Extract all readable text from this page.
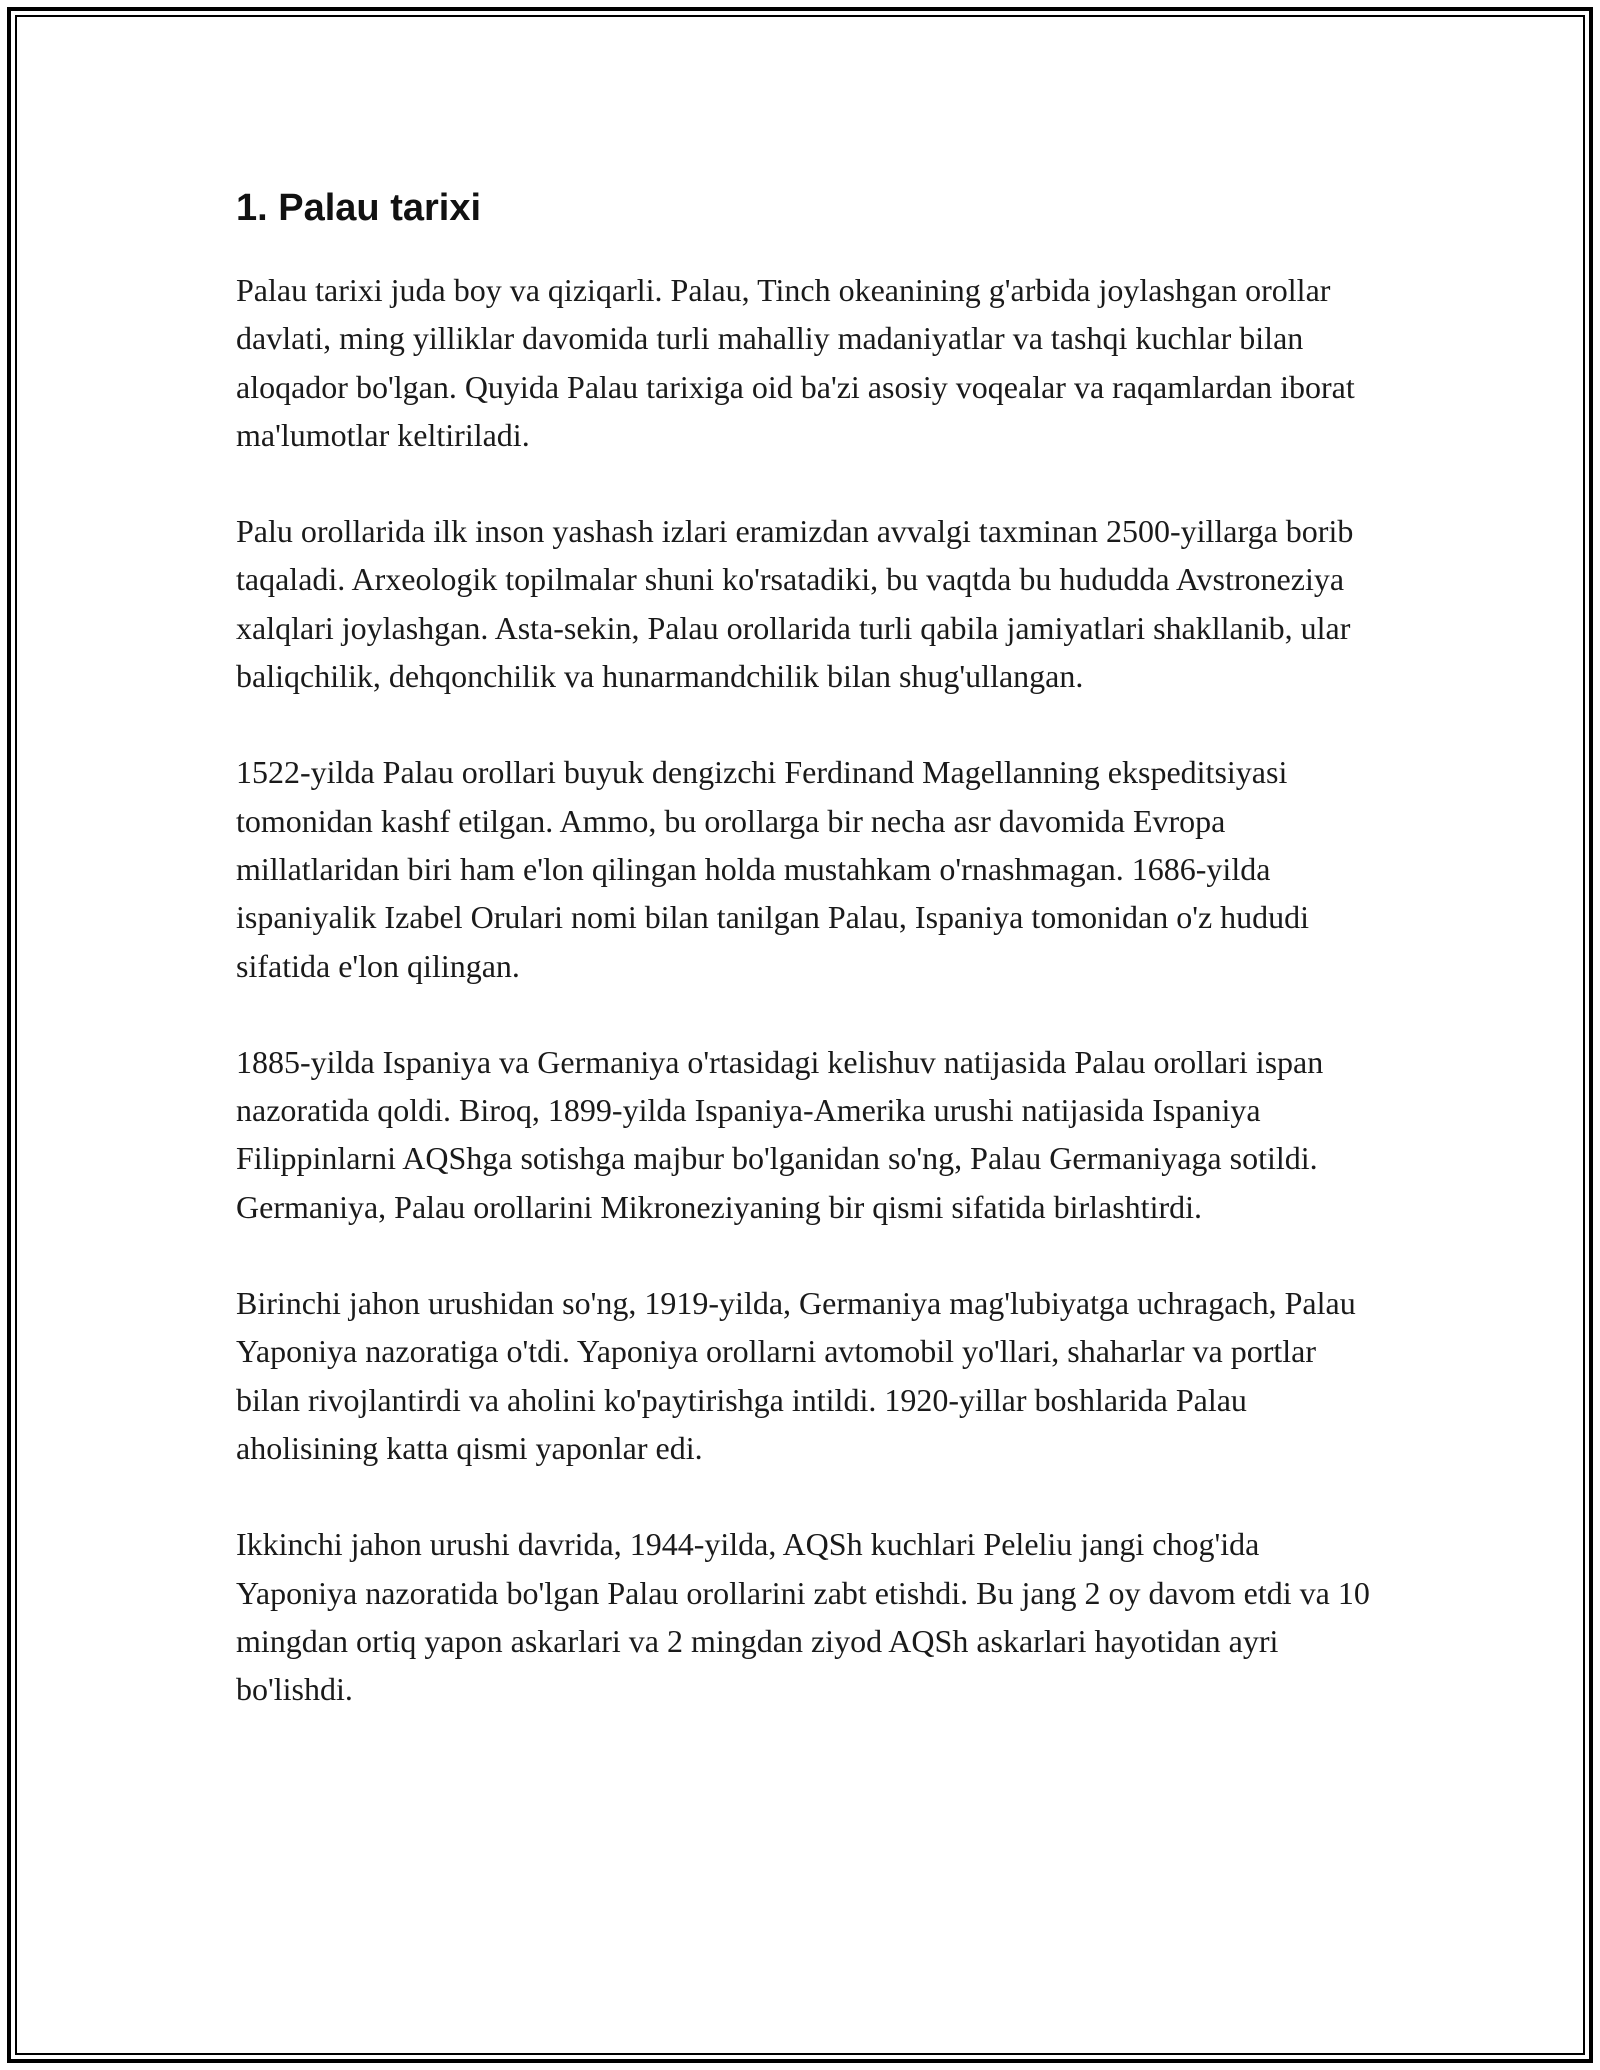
1. Palau tarixi

Palau tarixi juda boy va qiziqarli. Palau, Tinch okeanining g'arbida joylashgan orollar davlati, ming yilliklar davomida turli mahalliy madaniyatlar va tashqi kuchlar bilan aloqador bo'lgan. Quyida Palau tarixiga oid ba'zi asosiy voqealar va raqamlardan iborat ma'lumotlar keltiriladi.

Palu orollarida ilk inson yashash izlari eramizdan avvalgi taxminan 2500-yillarga borib taqaladi. Arxeologik topilmalar shuni ko'rsatadiki, bu vaqtda bu hududda Avstroneziya xalqlari joylashgan. Asta-sekin, Palau orollarida turli qabila jamiyatlari shakllanib, ular baliqchilik, dehqonchilik va hunarmandchilik bilan shug'ullangan.

1522-yilda Palau orollari buyuk dengizchi Ferdinand Magellanning ekspeditsiyasi tomonidan kashf etilgan. Ammo, bu orollarga bir necha asr davomida Evropa millatlaridan biri ham e'lon qilingan holda mustahkam o'rnashmagan. 1686-yilda ispaniyalik Izabel Orulari nomi bilan tanilgan Palau, Ispaniya tomonidan o'z hududi sifatida e'lon qilingan.

1885-yilda Ispaniya va Germaniya o'rtasidagi kelishuv natijasida Palau orollari ispan nazoratida qoldi. Biroq, 1899-yilda Ispaniya-Amerika urushi natijasida Ispaniya Filippinlarni AQShga sotishga majbur bo'lganidan so'ng, Palau Germaniyaga sotildi. Germaniya, Palau orollarini Mikroneziyaning bir qismi sifatida birlashtirdi.

Birinchi jahon urushidan so'ng, 1919-yilda, Germaniya mag'lubiyatga uchragach, Palau Yaponiya nazoratiga o'tdi. Yaponiya orollarni avtomobil yo'llari, shaharlar va portlar bilan rivojlantirdi va aholini ko'paytirishga intildi. 1920-yillar boshlarida Palau aholisining katta qismi yaponlar edi.

Ikkinchi jahon urushi davrida, 1944-yilda, AQSh kuchlari Peleliu jangi chog'ida Yaponiya nazoratida bo'lgan Palau orollarini zabt etishdi. Bu jang 2 oy davom etdi va 10 mingdan ortiq yapon askarlari va 2 mingdan ziyod AQSh askarlari hayotidan ayri bo'lishdi.
